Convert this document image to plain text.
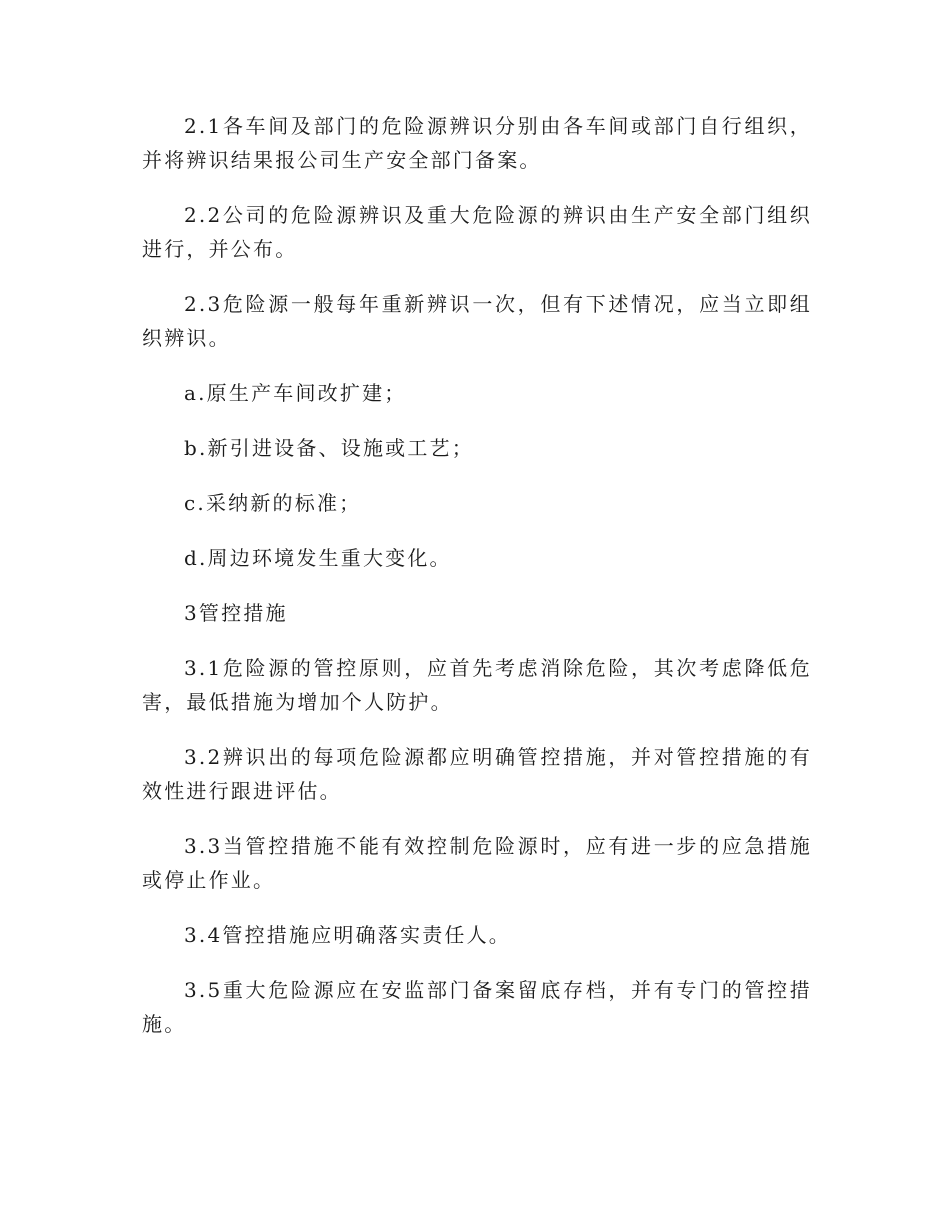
2.1各车间及部门的危险源辨识分别由各车间或部门自行组织，并将辨识结果报公司生产安全部门备案。

2.2公司的危险源辨识及重大危险源的辨识由生产安全部门组织进行，并公布。

2.3危险源一般每年重新辨识一次，但有下述情况，应当立即组织辨识。

a.原生产车间改扩建；

b.新引进设备、设施或工艺；

c.采纳新的标准；

d.周边环境发生重大变化。

3管控措施

3.1危险源的管控原则，应首先考虑消除危险，其次考虑降低危害，最低措施为增加个人防护。

3.2辨识出的每项危险源都应明确管控措施，并对管控措施的有效性进行跟进评估。

3.3当管控措施不能有效控制危险源时，应有进一步的应急措施或停止作业。

3.4管控措施应明确落实责任人。

3.5重大危险源应在安监部门备案留底存档，并有专门的管控措施。
